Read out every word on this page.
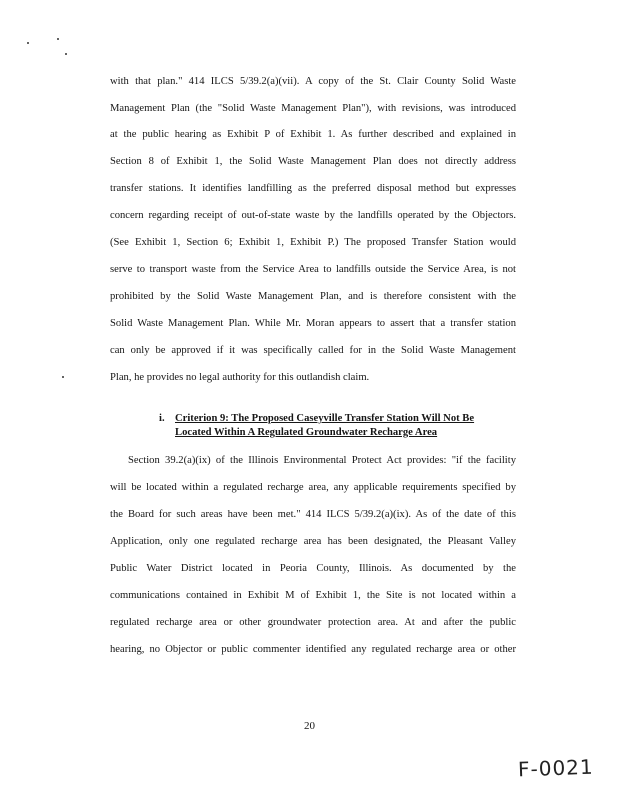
with that plan." 414 ILCS 5/39.2(a)(vii). A copy of the St. Clair County Solid Waste
Management Plan (the "Solid Waste Management Plan"), with revisions, was introduced
at the public hearing as Exhibit P of Exhibit 1. As further described and explained in
Section 8 of Exhibit 1, the Solid Waste Management Plan does not directly address
transfer stations. It identifies landfilling as the preferred disposal method but expresses
concern regarding receipt of out-of-state waste by the landfills operated by the Objectors.
(See Exhibit 1, Section 6; Exhibit 1, Exhibit P.) The proposed Transfer Station would
serve to transport waste from the Service Area to landfills outside the Service Area, is not
prohibited by the Solid Waste Management Plan, and is therefore consistent with the
Solid Waste Management Plan. While Mr. Moran appears to assert that a transfer station
can only be approved if it was specifically called for in the Solid Waste Management
Plan, he provides no legal authority for this outlandish claim.
i. Criterion 9: The Proposed Caseyville Transfer Station Will Not Be
Located Within A Regulated Groundwater Recharge Area
Section 39.2(a)(ix) of the Illinois Environmental Protect Act provides: "if the facility
will be located within a regulated recharge area, any applicable requirements specified by
the Board for such areas have been met." 414 ILCS 5/39.2(a)(ix). As of the date of this
Application, only one regulated recharge area has been designated, the Pleasant Valley
Public Water District located in Peoria County, Illinois. As documented by the
communications contained in Exhibit M of Exhibit 1, the Site is not located within a
regulated recharge area or other groundwater protection area. At and after the public
hearing, no Objector or public commenter identified any regulated recharge area or other
20
F-0021
